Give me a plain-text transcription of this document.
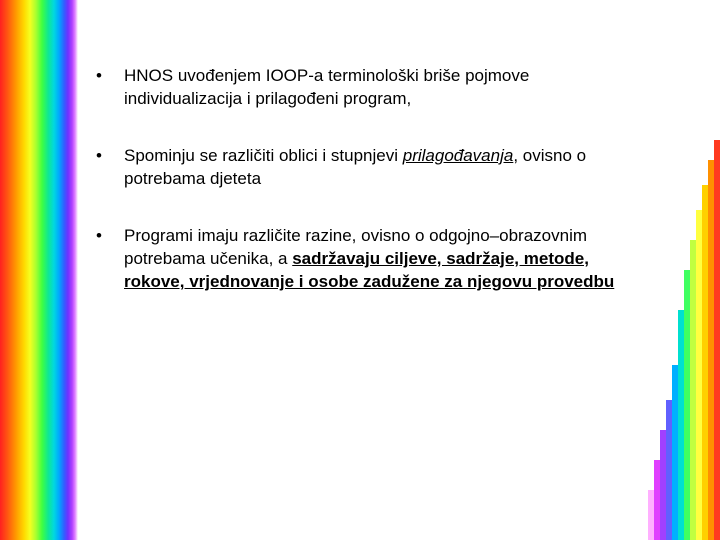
•	HNOS uvođenjem IOOP-a terminološki briše pojmove individualizacija i prilagođeni program,
•	Spominju se različiti oblici i stupnjevi prilagođavanja, ovisno o potrebama djeteta
•	Programi imaju različite razine, ovisno o odgojno–obrazovnim potrebama učenika, a sadržavaju ciljeve, sadržaje, metode, rokove, vrjednovanje i osobe zadužene za njegovu provedbu
